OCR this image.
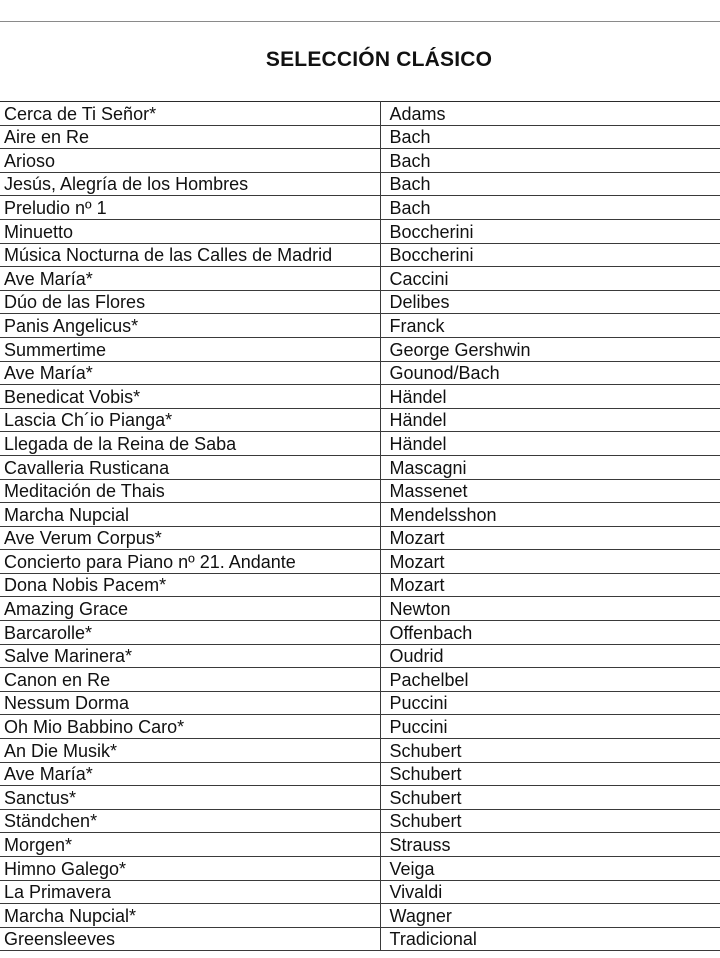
SELECCIÓN CLÁSICO
Cerca de Ti Señor*	Adams
Aire en Re	Bach
Arioso	Bach
Jesús, Alegría de los Hombres	Bach
Preludio nº 1	Bach
Minuetto	Boccherini
Música Nocturna de las Calles de Madrid	Boccherini
Ave María*	Caccini
Dúo de las Flores	Delibes
Panis Angelicus*	Franck
Summertime	George Gershwin
Ave María*	Gounod/Bach
Benedicat Vobis*	Händel
Lascia Ch´io Pianga*	Händel
Llegada de la Reina de Saba	Händel
Cavalleria Rusticana	Mascagni
Meditación de Thais	Massenet
Marcha Nupcial	Mendelsshon
Ave Verum Corpus*	Mozart
Concierto para Piano nº 21. Andante	Mozart
Dona Nobis Pacem*	Mozart
Amazing Grace	Newton
Barcarolle*	Offenbach
Salve Marinera*	Oudrid
Canon en Re	Pachelbel
Nessum Dorma	Puccini
Oh Mio Babbino Caro*	Puccini
An Die Musik*	Schubert
Ave María*	Schubert
Sanctus*	Schubert
Ständchen*	Schubert
Morgen*	Strauss
Himno Galego*	Veiga
La Primavera	Vivaldi
Marcha Nupcial*	Wagner
Greensleeves	Tradicional
